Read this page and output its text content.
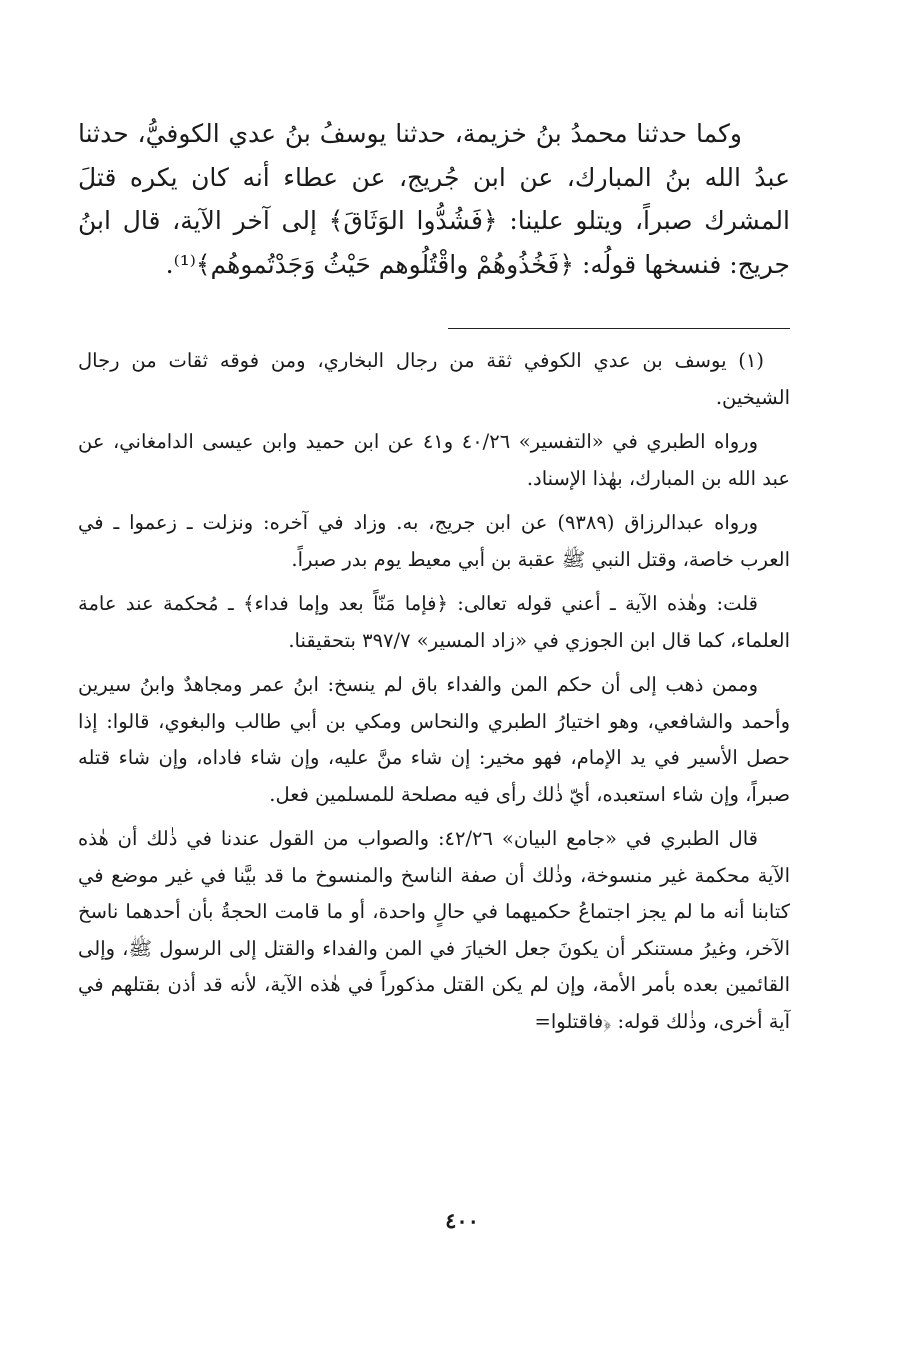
وكما حدثنا محمدُ بنُ خزيمة، حدثنا يوسفُ بنُ عدي الكوفيُّ، حدثنا عبدُ الله بنُ المبارك، عن ابن جُريج، عن عطاء أنه كان يكره قتلَ المشرك صبراً، ويتلو علينا: ﴿فَشُدُّوا الوَثَاقَ﴾ إلى آخر الآية، قال ابنُ جريج: فنسخها قولُه: ﴿فَخُذُوهُمْ واقْتُلُوهم حَيْثُ وَجَدْتُموهُم﴾⁽¹⁾.

(١) يوسف بن عدي الكوفي ثقة من رجال البخاري، ومن فوقه ثقات من رجال الشيخين.

ورواه الطبري في «التفسير» ٤٠/٢٦ و٤١ عن ابن حميد وابن عيسى الدامغاني، عن عبد الله بن المبارك، بهٰذا الإسناد.

ورواه عبدالرزاق (٩٣٨٩) عن ابن جريج، به. وزاد في آخره: ونزلت ـ زعموا ـ في العرب خاصة، وقتل النبي ﷺ عقبة بن أبي معيط يوم بدر صبراً.

قلت: وهٰذه الآية ـ أعني قوله تعالى: ﴿فإما مَنّاً بعد وإما فداء﴾ ـ مُحكمة عند عامة العلماء، كما قال ابن الجوزي في «زاد المسير» ٣٩٧/٧ بتحقيقنا.

وممن ذهب إلى أن حكم المن والفداء باق لم ينسخ: ابنُ عمر ومجاهدٌ وابنُ سيرين وأحمد والشافعي، وهو اختيارُ الطبري والنحاس ومكي بن أبي طالب والبغوي، قالوا: إذا حصل الأسير في يد الإمام، فهو مخير: إن شاء منَّ عليه، وإن شاء فاداه، وإن شاء قتله صبراً، وإن شاء استعبده، أيّ ذٰلك رأى فيه مصلحة للمسلمين فعل.

قال الطبري في «جامع البيان» ٤٢/٢٦: والصواب من القول عندنا في ذٰلك أن هٰذه الآية محكمة غير منسوخة، وذٰلك أن صفة الناسخ والمنسوخ ما قد بيَّنا في غير موضع في كتابنا أنه ما لم يجز اجتماعُ حكميهما في حالٍ واحدة، أو ما قامت الحجةُ بأن أحدهما ناسخ الآخر، وغيرُ مستنكر أن يكونَ جعل الخيارَ في المن والفداء والقتل إلى الرسول ﷺ، وإلى القائمين بعده بأمر الأمة، وإن لم يكن القتل مذكوراً في هٰذه الآية، لأنه قد أذن بقتلهم في آية أخرى، وذٰلك قوله: ﴿فاقتلوا=

٤٠٠
